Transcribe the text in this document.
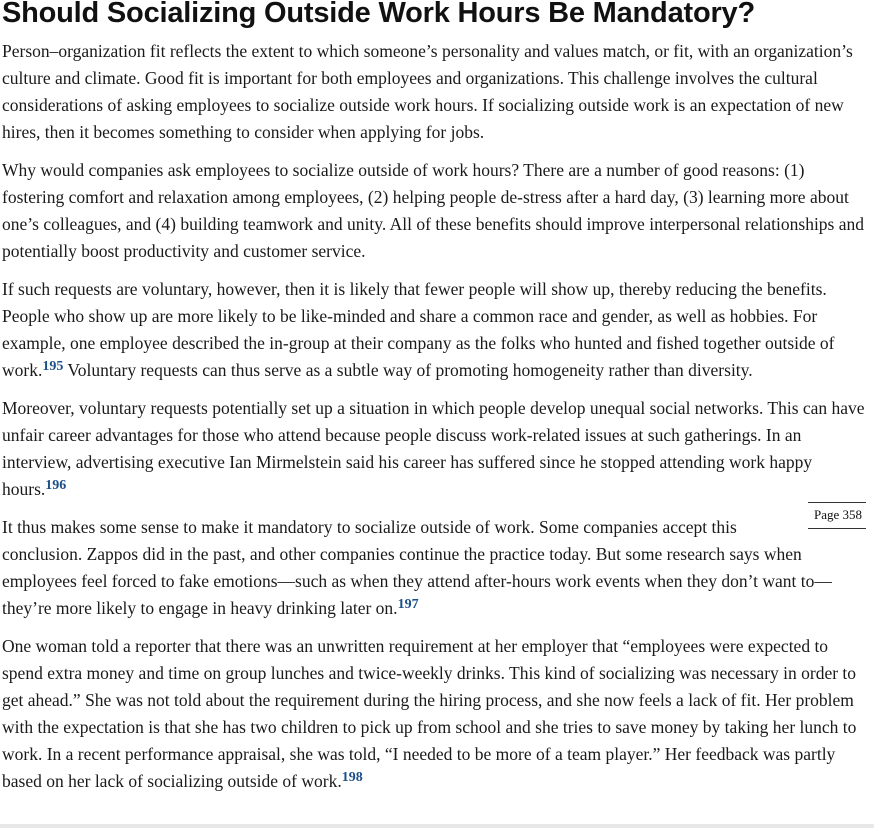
Should Socializing Outside Work Hours Be Mandatory?

Person–organization fit reflects the extent to which someone’s personality and values match, or fit, with an organization’s culture and climate. Good fit is important for both employees and organizations. This challenge involves the cultural considerations of asking employees to socialize outside work hours. If socializing outside work is an expectation of new hires, then it becomes something to consider when applying for jobs.

Why would companies ask employees to socialize outside of work hours? There are a number of good reasons: (1) fostering comfort and relaxation among employees, (2) helping people de-stress after a hard day, (3) learning more about one’s colleagues, and (4) building teamwork and unity. All of these benefits should improve interpersonal relationships and potentially boost productivity and customer service.

If such requests are voluntary, however, then it is likely that fewer people will show up, thereby reducing the benefits. People who show up are more likely to be like-minded and share a common race and gender, as well as hobbies. For example, one employee described the in-group at their company as the folks who hunted and fished together outside of work.$^{195}$ Voluntary requests can thus serve as a subtle way of promoting homogeneity rather than diversity.

Moreover, voluntary requests potentially set up a situation in which people develop unequal social networks. This can have unfair career advantages for those who attend because people discuss work-related issues at such gatherings. In an interview, advertising executive Ian Mirmelstein said his career has suffered since he stopped attending work happy hours.$^{196}$

Page 358
It thus makes some sense to make it mandatory to socialize outside of work. Some companies accept this conclusion. Zappos did in the past, and other companies continue the practice today. But some research says when employees feel forced to fake emotions—such as when they attend after-hours work events when they don’t want to—they’re more likely to engage in heavy drinking later on.$^{197}$

One woman told a reporter that there was an unwritten requirement at her employer that “employees were expected to spend extra money and time on group lunches and twice-weekly drinks. This kind of socializing was necessary in order to get ahead.” She was not told about the requirement during the hiring process, and she now feels a lack of fit. Her problem with the expectation is that she has two children to pick up from school and she tries to save money by taking her lunch to work. In a recent performance appraisal, she was told, “I needed to be more of a team player.” Her feedback was partly based on her lack of socializing outside of work.$^{198}$
